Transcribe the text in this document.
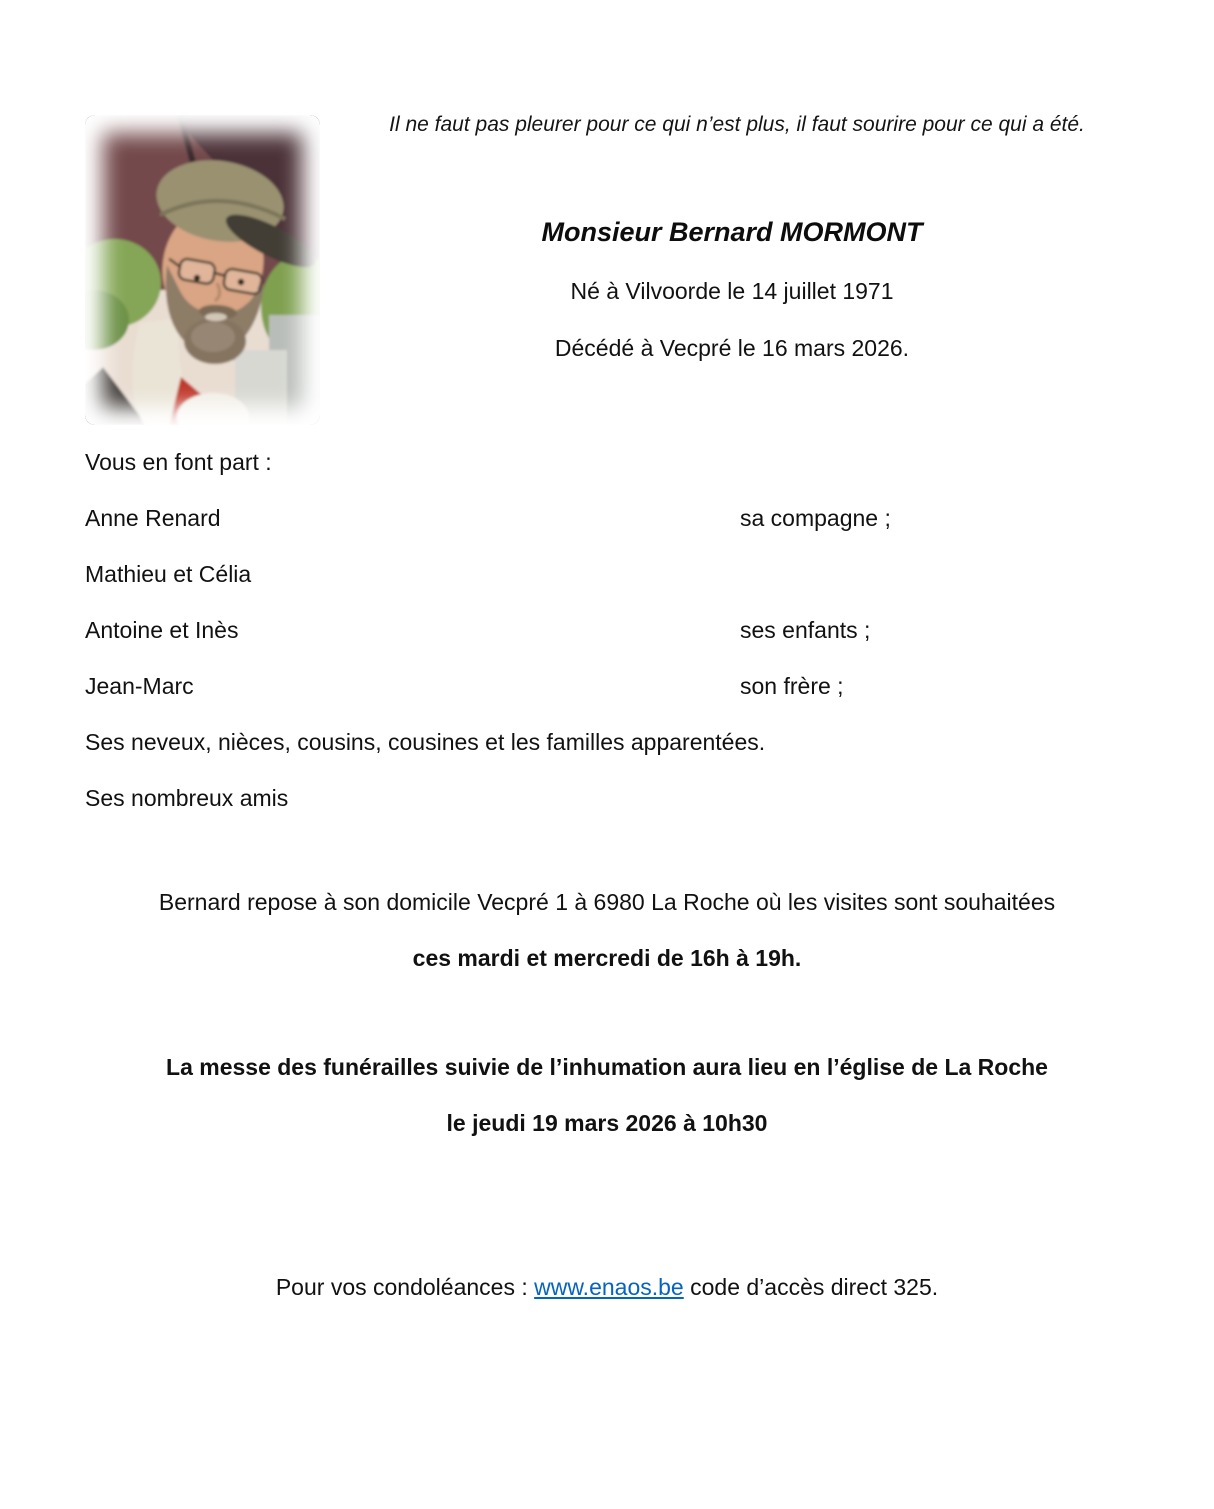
Il ne faut pas pleurer pour ce qui n’est plus, il faut sourire pour ce qui a été.
Monsieur Bernard MORMONT
Né à Vilvoorde le 14 juillet 1971
Décédé à Vecpré le 16 mars 2026.
Vous en font part :
Anne Renard	sa compagne ;
Mathieu et Célia
Antoine et Inès	ses enfants ;
Jean-Marc	son frère ;
Ses neveux, nièces, cousins, cousines et les familles apparentées.
Ses nombreux amis
Bernard repose à son domicile Vecpré 1 à 6980 La Roche où les visites sont souhaitées
ces mardi et mercredi de 16h à 19h.
La messe des funérailles suivie de l’inhumation aura lieu en l’église de La Roche
le jeudi 19 mars 2026 à 10h30
Pour vos condoléances : www.enaos.be code d’accès direct 325.
